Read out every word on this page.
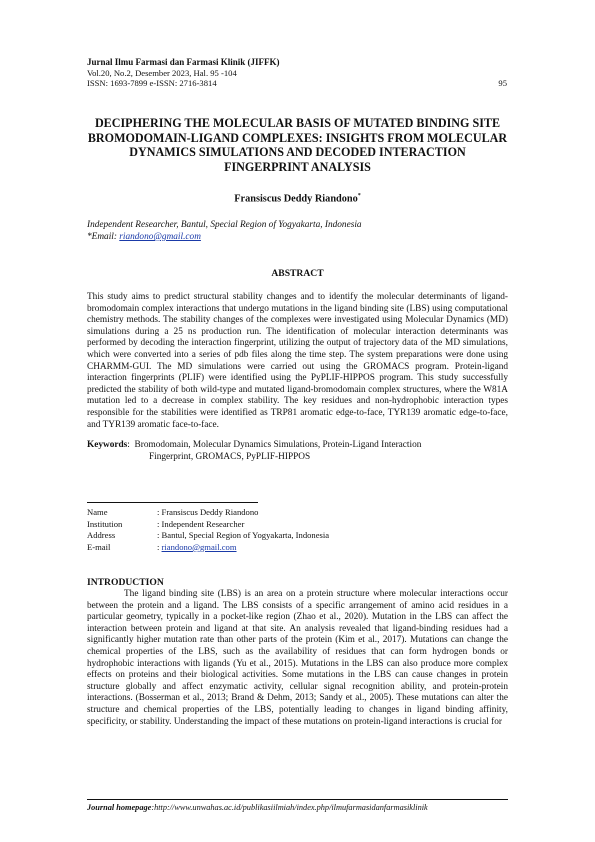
Jurnal Ilmu Farmasi dan Farmasi Klinik (JIFFK)
Vol.20, No.2, Desember 2023, Hal. 95 -104
ISSN: 1693-7899 e-ISSN: 2716-3814	95
DECIPHERING THE MOLECULAR BASIS OF MUTATED BINDING SITE BROMODOMAIN-LIGAND COMPLEXES: INSIGHTS FROM MOLECULAR DYNAMICS SIMULATIONS AND DECODED INTERACTION FINGERPRINT ANALYSIS
Fransiscus Deddy Riandono*
Independent Researcher, Bantul, Special Region of Yogyakarta, Indonesia
*Email: riandono@gmail.com
ABSTRACT

This study aims to predict structural stability changes and to identify the molecular determinants of ligand-bromodomain complex interactions that undergo mutations in the ligand binding site (LBS) using computational chemistry methods. The stability changes of the complexes were investigated using Molecular Dynamics (MD) simulations during a 25 ns production run. The identification of molecular interaction determinants was performed by decoding the interaction fingerprint, utilizing the output of trajectory data of the MD simulations, which were converted into a series of pdb files along the time step. The system preparations were done using CHARMM-GUI. The MD simulations were carried out using the GROMACS program. Protein-ligand interaction fingerprints (PLIF) were identified using the PyPLIF-HIPPOS program. This study successfully predicted the stability of both wild-type and mutated ligand-bromodomain complex structures, where the W81A mutation led to a decrease in complex stability. The key residues and non-hydrophobic interaction types responsible for the stabilities were identified as TRP81 aromatic edge-to-face, TYR139 aromatic edge-to-face, and TYR139 aromatic face-to-face.

Keywords:  Bromodomain, Molecular Dynamics Simulations, Protein-Ligand Interaction
Fingerprint, GROMACS, PyPLIF-HIPPOS
Name	: Fransiscus Deddy Riandono
Institution	: Independent Researcher
Address	: Bantul, Special Region of Yogyakarta, Indonesia
E-mail	: riandono@gmail.com
INTRODUCTION

The ligand binding site (LBS) is an area on a protein structure where molecular interactions occur between the protein and a ligand. The LBS consists of a specific arrangement of amino acid residues in a particular geometry, typically in a pocket-like region (Zhao et al., 2020). Mutation in the LBS can affect the interaction between protein and ligand at that site. An analysis revealed that ligand-binding residues had a significantly higher mutation rate than other parts of the protein (Kim et al., 2017). Mutations can change the chemical properties of the LBS, such as the availability of residues that can form hydrogen bonds or hydrophobic interactions with ligands (Yu et al., 2015). Mutations in the LBS can also produce more complex effects on proteins and their biological activities. Some mutations in the LBS can cause changes in protein structure globally and affect enzymatic activity, cellular signal recognition ability, and protein-protein interactions. (Bosserman et al., 2013; Brand & Dehm, 2013; Sandy et al., 2005). These mutations can alter the structure and chemical properties of the LBS, potentially leading to changes in ligand binding affinity, specificity, or stability. Understanding the impact of these mutations on protein-ligand interactions is crucial for

Journal homepage:http://www.unwahas.ac.id/publikasiilmiah/index.php/ilmufarmasidanfarmasiklinik
